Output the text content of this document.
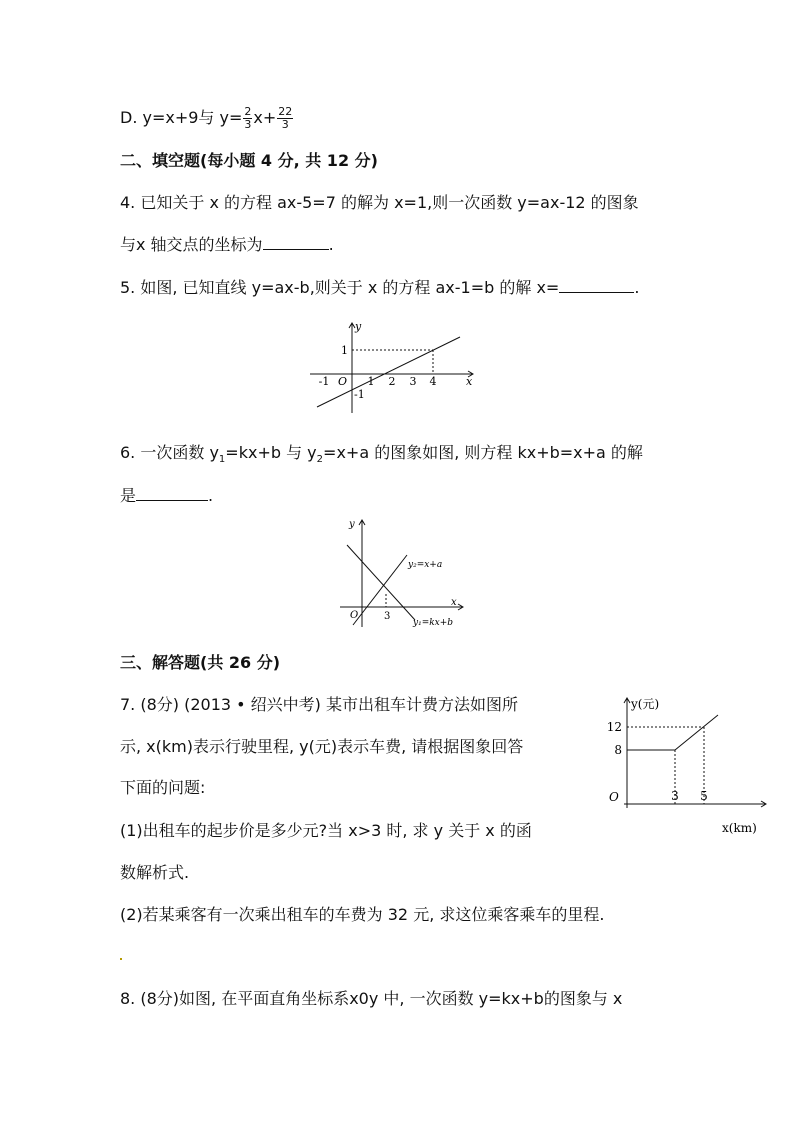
D. y=x+9与 $y= \frac{2}{3} x+ \frac{22}{3}$
二、填空题(每小题 4 分, 共 12 分)
4. 已知关于 x 的方程 ax-5=7 的解为 x=1,则一次函数 y=ax-12 的图象
与x 轴交点的坐标为	.
5. 如图, 已知直线 y=ax-b,则关于 x 的方程 ax-1=b 的解 x=	.
y
x
O
1
-1
-1	1 2 3 4
6. 一次函数 $y_1=kx+b$ 与 $y_2=x+a$ 的图象如图, 则方程 kx+b=x+a 的解
是	.
y
x
O	3
y₂=x+a
y₁=kx+b
三、解答题(共 26 分)
7. (8分) (2013 • 绍兴中考) 某市出租车计费方法如图所
示, x(km)表示行驶里程, y(元)表示车费, 请根据图象回答
下面的问题:
(1)出租车的起步价是多少元?当 x>3 时, 求 y 关于 x 的函
数解析式.
(2)若某乘客有一次乘出租车的车费为 32 元, 求这位乘客乘车的里程.
y(元)
12
8
O	3 5
x(km)
8. (8分)如图, 在平面直角坐标系x0y 中, 一次函数 y=kx+b的图象与 x
